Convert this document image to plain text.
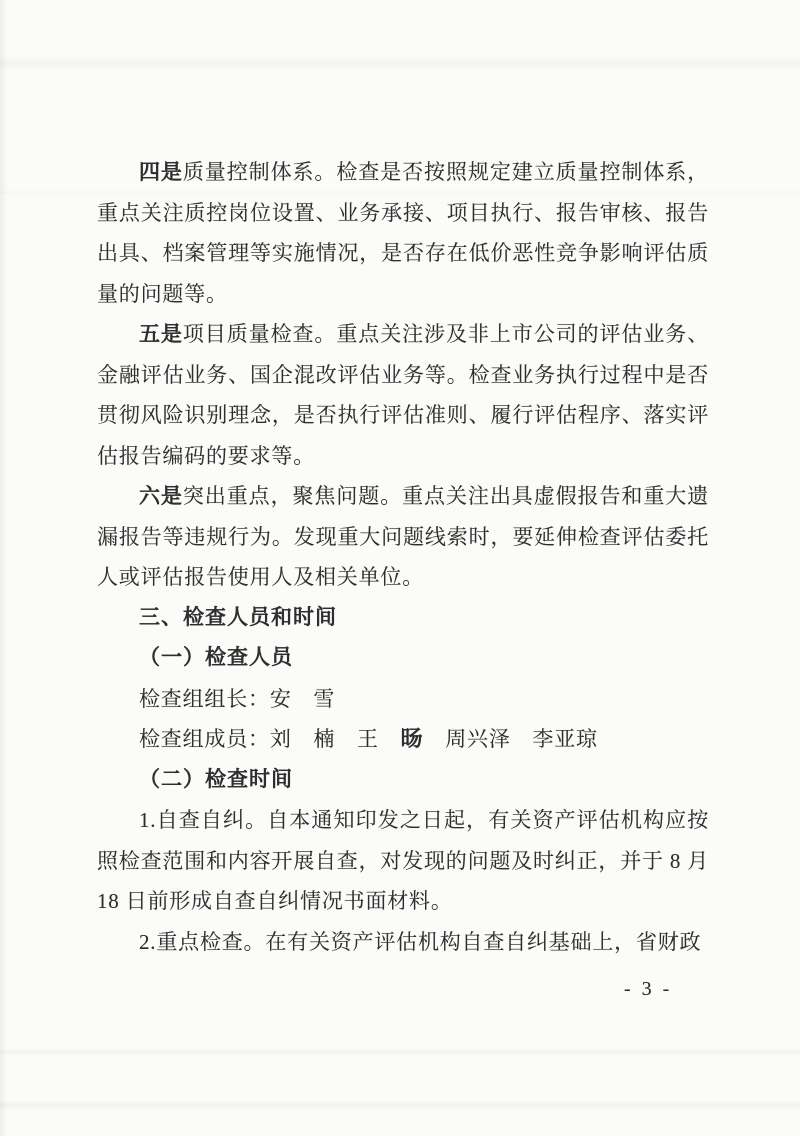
四是质量控制体系。检查是否按照规定建立质量控制体系，重点关注质控岗位设置、业务承接、项目执行、报告审核、报告出具、档案管理等实施情况，是否存在低价恶性竞争影响评估质量的问题等。

五是项目质量检查。重点关注涉及非上市公司的评估业务、金融评估业务、国企混改评估业务等。检查业务执行过程中是否贯彻风险识别理念，是否执行评估准则、履行评估程序、落实评估报告编码的要求等。

六是突出重点，聚焦问题。重点关注出具虚假报告和重大遗漏报告等违规行为。发现重大问题线索时，要延伸检查评估委托人或评估报告使用人及相关单位。

三、检查人员和时间

（一）检查人员

检查组组长：安　雪

检查组成员：刘　楠　王　旸　周兴泽　李亚琼

（二）检查时间

1.自查自纠。自本通知印发之日起，有关资产评估机构应按照检查范围和内容开展自查，对发现的问题及时纠正，并于 8 月 18 日前形成自查自纠情况书面材料。

2.重点检查。在有关资产评估机构自查自纠基础上，省财政

- 3 -
